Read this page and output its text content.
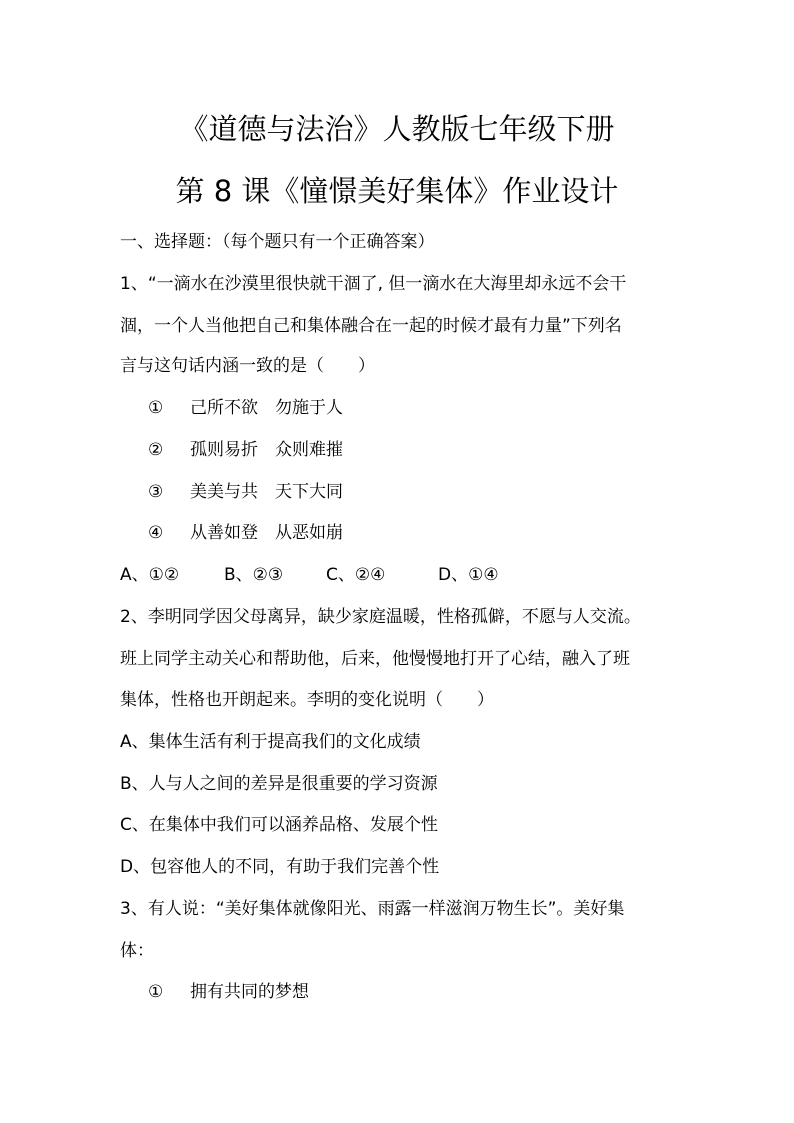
《道德与法治》人教版七年级下册
第 8 课《憧憬美好集体》作业设计
一、选择题：（每个题只有一个正确答案）
1、“一滴水在沙漠里很快就干涸了, 但一滴水在大海里却永远不会干
涸，一个人当他把自己和集体融合在一起的时候才最有力量”下列名
言与这句话内涵一致的是（　　）
① 己所不欲　勿施于人
② 孤则易折　众则难摧
③ 美美与共　天下大同
④ 从善如登　从恶如崩
A、①②	B、②③	C、②④	D、①④
2、李明同学因父母离异，缺少家庭温暖，性格孤僻，不愿与人交流。
班上同学主动关心和帮助他，后来，他慢慢地打开了心结，融入了班
集体，性格也开朗起来。李明的变化说明（　　）
A、集体生活有利于提高我们的文化成绩
B、人与人之间的差异是很重要的学习资源
C、在集体中我们可以涵养品格、发展个性
D、包容他人的不同，有助于我们完善个性
3、有人说：“美好集体就像阳光、雨露一样滋润万物生长”。美好集
体：
① 拥有共同的梦想
